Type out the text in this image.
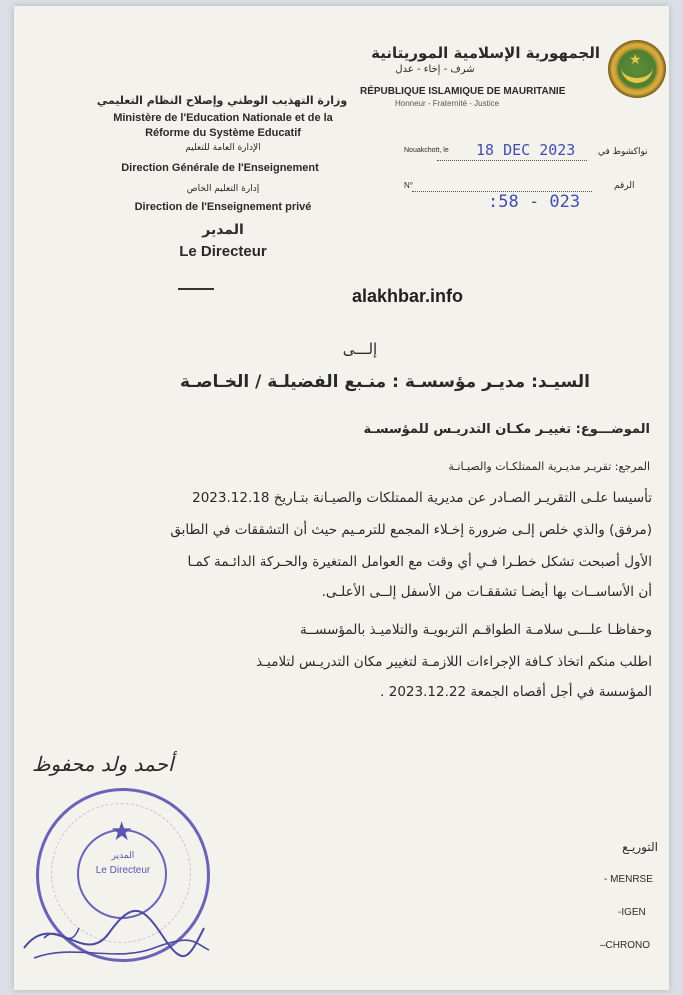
★
الجمهورية الإسلامية الموريتانية
شرف - إخاء - عدل
RÉPUBLIQUE ISLAMIQUE DE MAURITANIE
Honneur - Fraternité - Justice
وزارة التهذيب الوطني وإصلاح النظام التعليمي
Ministère de l'Education Nationale et de la
Réforme du Système Educatif
الإدارة العامة للتعليم
Direction Générale de l'Enseignement
إدارة التعليم الخاص
Direction de l'Enseignement privé
المدير
Le Directeur
Nouakchott, le 18 DEC 2023	نواكشوط في
N°	الرقم
:58 - 023
alakhbar.info
إلـــى
السيـد: مديـر مؤسسـة : منـبع الفضيلـة / الخـاصـة
الموضـــوع: تغييـر مكـان التدريـس للمؤسسـة
المرجع: تقريـر مديـرية الممتلكـات والصيـانـة
تأسيسا علـى التقريـر الصـادر عن مديرية الممتلكات والصيـانة بتـاريخ 2023.12.18
(مرفق) والذي خلص إلـى ضرورة إخـلاء المجمع للترمـيم حيث أن التشققات في الطابق
الأول أصبحت تشكل خطـرا فـي أي وقت مع العوامل المتغيرة والحـركة الدائـمة كمـا
أن الأساســات بها أيضـا تشققـات من الأسفل إلــى الأعلـى.
وحفاظـا علـــى سلامـة الطواقـم التربويـة والتلاميـذ بالمؤسســة
اطلب منكم اتخاذ كـافة الإجراءات اللازمـة لتغيير مكان التدريـس لتلاميـذ
المؤسسة في أجل أقصاه الجمعة 2023.12.22 .
أحمد ولد محفوظ
★
المدير
Le Directeur
التوريـع
- MENRSE
-IGEN
–CHRONO
